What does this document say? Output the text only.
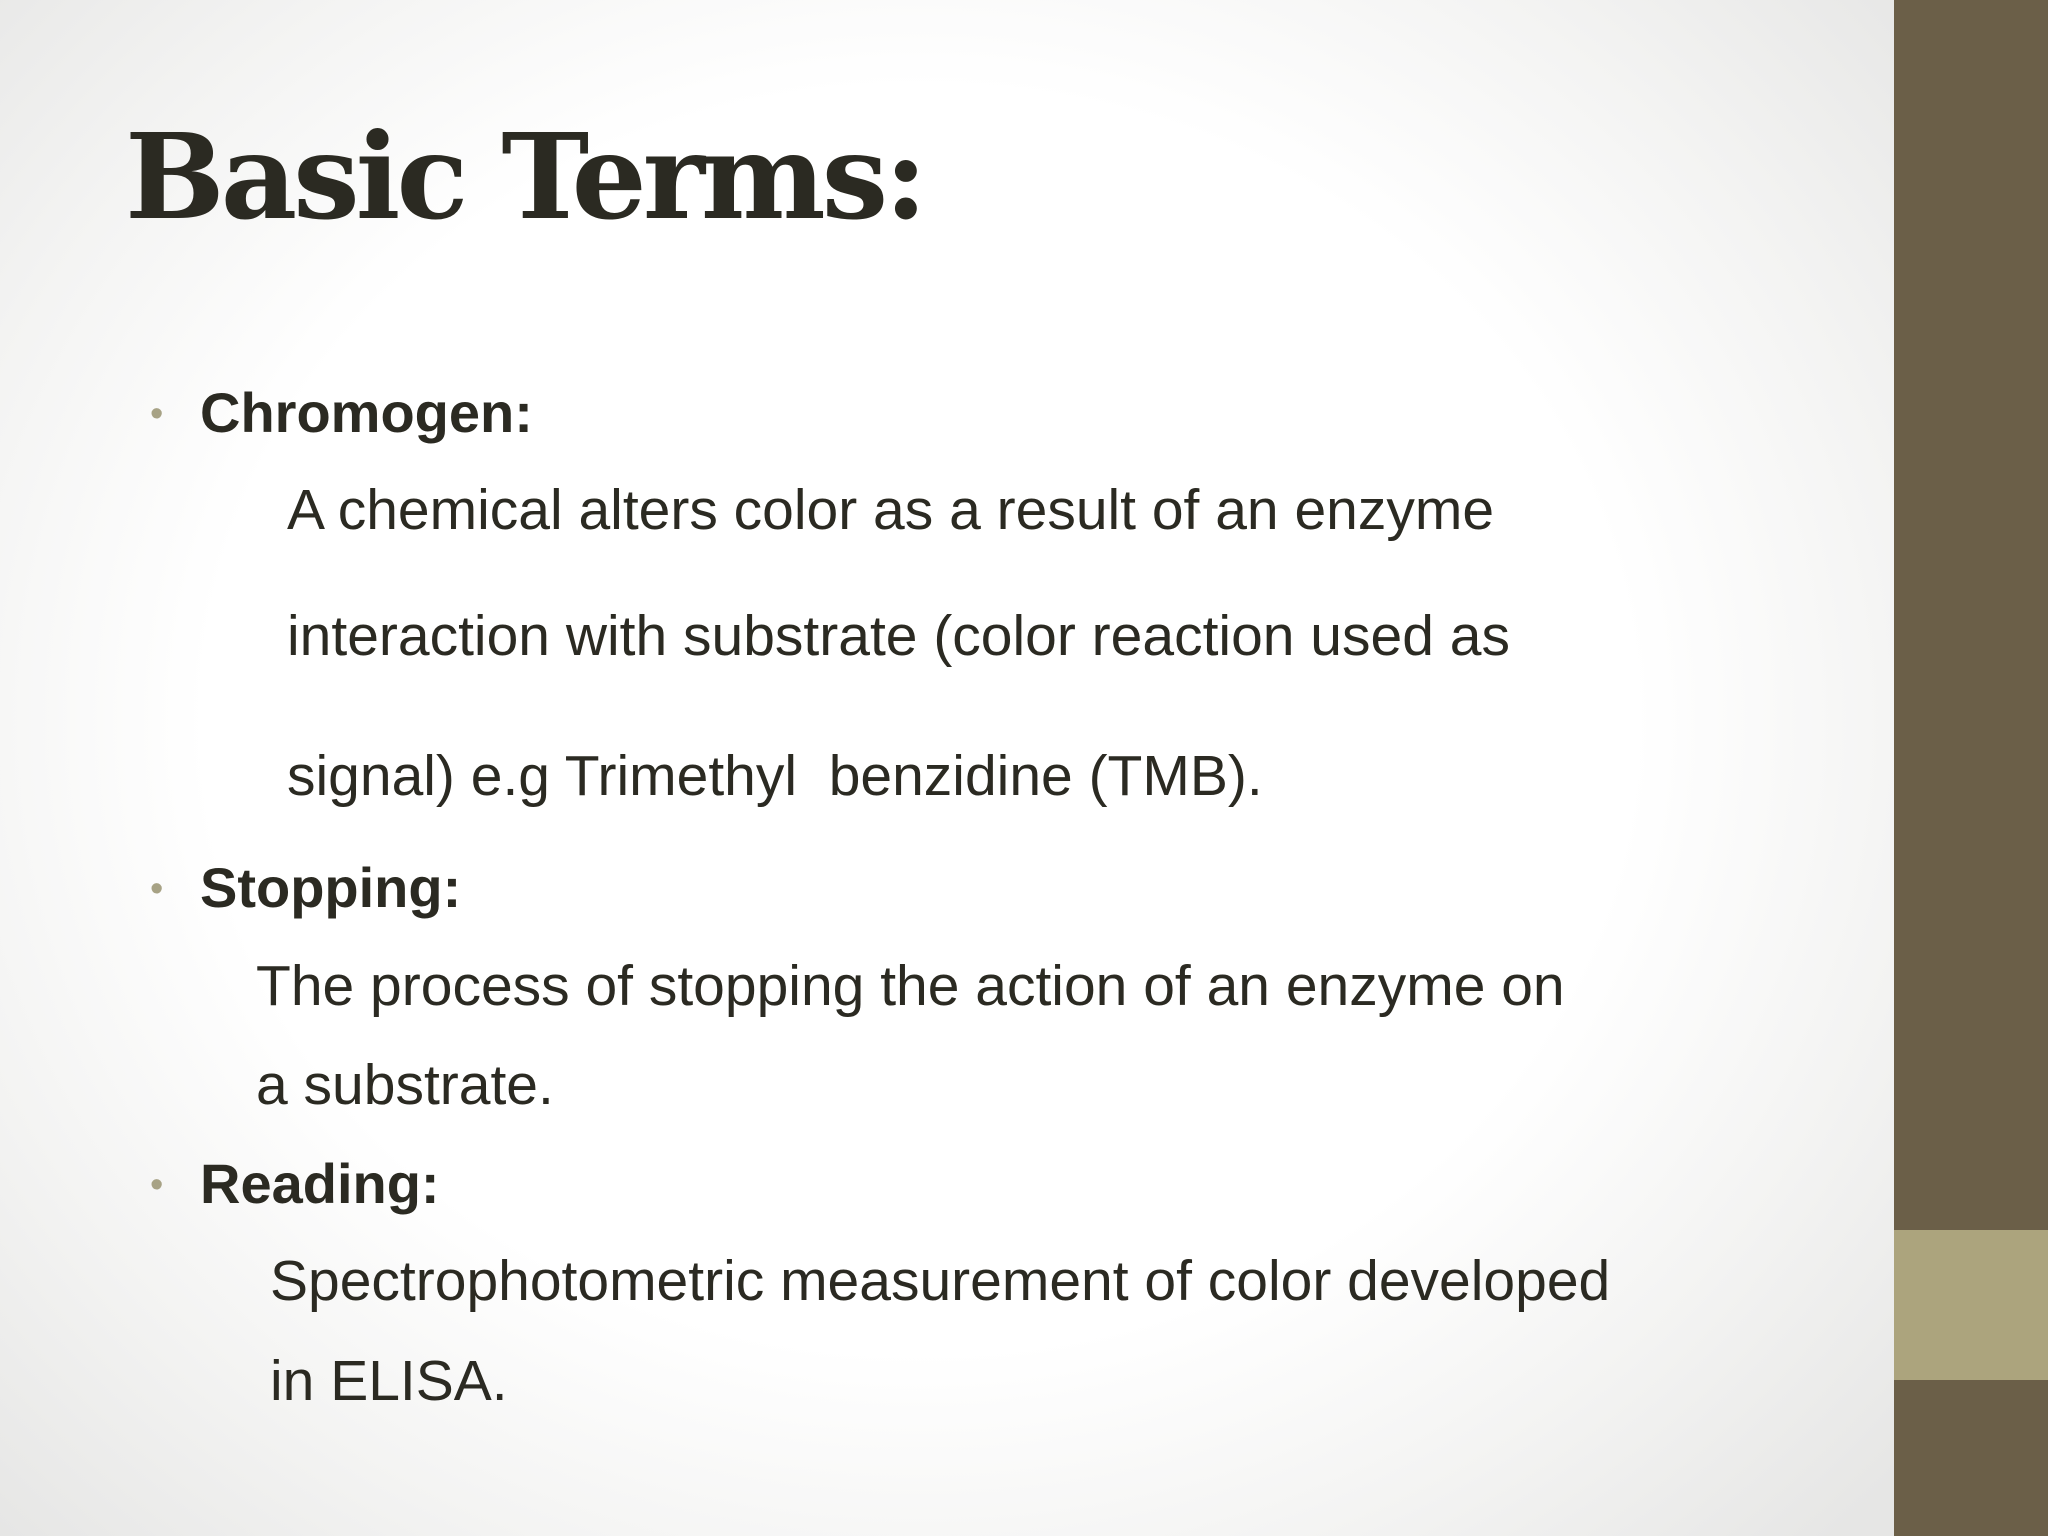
Basic Terms:
• Chromogen:
A chemical alters color as a result of an enzyme
interaction with substrate (color reaction used as
signal) e.g Trimethyl  benzidine (TMB).
• Stopping:
The process of stopping the action of an enzyme on
a substrate.
• Reading:
Spectrophotometric measurement of color developed
in ELISA.
